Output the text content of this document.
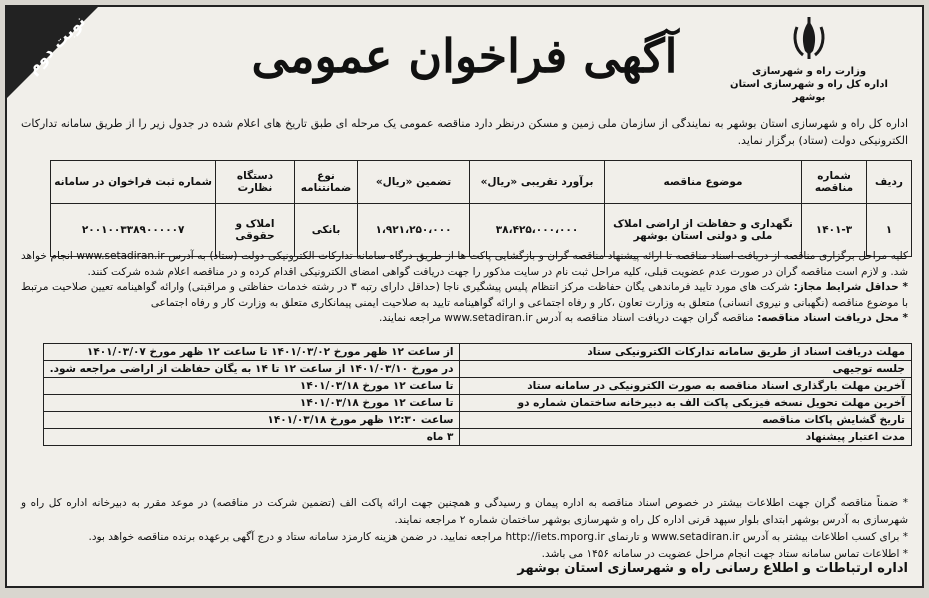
نوبت دوم	وزارت راه و شهرسازی
اداره کل راه و شهرسازی استان بوشهر
آگهی فراخوان عمومی
اداره کل راه و شهرسازی استان بوشهر به نمایندگی از سازمان ملی زمین و مسکن درنظر دارد مناقصه عمومی یک مرحله ای طبق تاریخ های اعلام شده در جدول زیر را از طریق سامانه تدارکات الکترونیکی دولت (ستاد) برگزار نماید.
ردیف	شماره مناقصه	موضوع مناقصه	برآورد تقریبی «ریال»	تضمین «ریال»	نوع ضمانتنامه	دستگاه نظارت	شماره ثبت فراخوان در سامانه
۱	۱۴۰۱-۳	نگهداری و حفاظت از اراضی املاک ملی و دولتی استان بوشهر	۳۸،۴۲۵،۰۰۰،۰۰۰	۱،۹۲۱،۲۵۰،۰۰۰	بانکی	املاک و حقوقی	۲۰۰۱۰۰۳۳۸۹۰۰۰۰۰۷
کلیه مراحل برگزاری مناقصه از دریافت اسناد مناقصه تا ارائه پیشنهاد مناقصه گران و بازگشایی پاکت ها از طریق درگاه سامانه تدارکات الکترونیکی دولت (ستاد) به آدرس www.setadiran.ir انجام خواهد شد. و لازم است مناقصه گران در صورت عدم عضویت قبلی، کلیه مراحل ثبت نام در سایت مذکور را جهت دریافت گواهی امضای الکترونیکی اقدام کرده و در مناقصه اعلام شده شرکت کنند.
* حداقل شرایط مجاز: شرکت های مورد تایید فرماندهی یگان حفاظت مرکز انتظام پلیس پیشگیری ناجا (حداقل دارای رتبه ۳ در رشته خدمات حفاظتی و مراقبتی) وارائه گواهینامه تعیین صلاحیت مرتبط با موضوع مناقصه (نگهبانی و نیروی انسانی) متعلق به وزارت تعاون ،کار و رفاه اجتماعی و ارائه گواهینامه تایید به صلاحیت ایمنی پیمانکاری متعلق به وزارت کار و رفاه اجتماعی
* محل دریافت اسناد مناقصه: مناقصه گران جهت دریافت اسناد مناقصه به آدرس www.setadiran.ir مراجعه نمایند.
مهلت دریافت اسناد از طریق سامانه تدارکات الکترونیکی ستاد	از ساعت ۱۲ ظهر مورخ ۱۴۰۱/۰۳/۰۲ تا ساعت ۱۲ ظهر مورخ ۱۴۰۱/۰۳/۰۷
جلسه توجیهی	در مورخ ۱۴۰۱/۰۳/۱۰ از ساعت ۱۲ تا ۱۴ به یگان حفاظت از اراضی مراجعه شود.
آخرین مهلت بارگذاری اسناد مناقصه به صورت الکترونیکی در سامانه ستاد	تا ساعت ۱۲ مورخ ۱۴۰۱/۰۳/۱۸
آخرین مهلت تحویل نسخه فیزیکی پاکت الف به دبیرخانه ساختمان شماره دو	تا ساعت ۱۲ مورخ ۱۴۰۱/۰۳/۱۸
تاریخ گشایش پاکات مناقصه	ساعت ۱۲:۳۰ ظهر مورخ ۱۴۰۱/۰۳/۱۸
مدت اعتبار پیشنهاد	۳ ماه
* ضمناً مناقصه گران جهت اطلاعات بیشتر در خصوص اسناد مناقصه به اداره پیمان و رسیدگی و همچنین جهت ارائه پاکت الف (تضمین شرکت در مناقصه) در موعد مقرر به دبیرخانه اداره کل راه و شهرسازی به آدرس بوشهر ابتدای بلوار سپهد قرنی اداره کل راه و شهرسازی بوشهر ساختمان شماره ۲ مراجعه نمایند.
* برای کسب اطلاعات بیشتر به آدرس www.setadiran.ir و تارنمای http://iets.mporg.ir مراجعه نمایید. در ضمن هزینه کارمزد سامانه ستاد و درج آگهی برعهده برنده مناقصه خواهد بود.
* اطلاعات تماس سامانه ستاد جهت انجام مراحل عضویت در سامانه ۱۴۵۶ می باشد.
اداره ارتباطات و اطلاع رسانی راه و شهرسازی استان بوشهر
